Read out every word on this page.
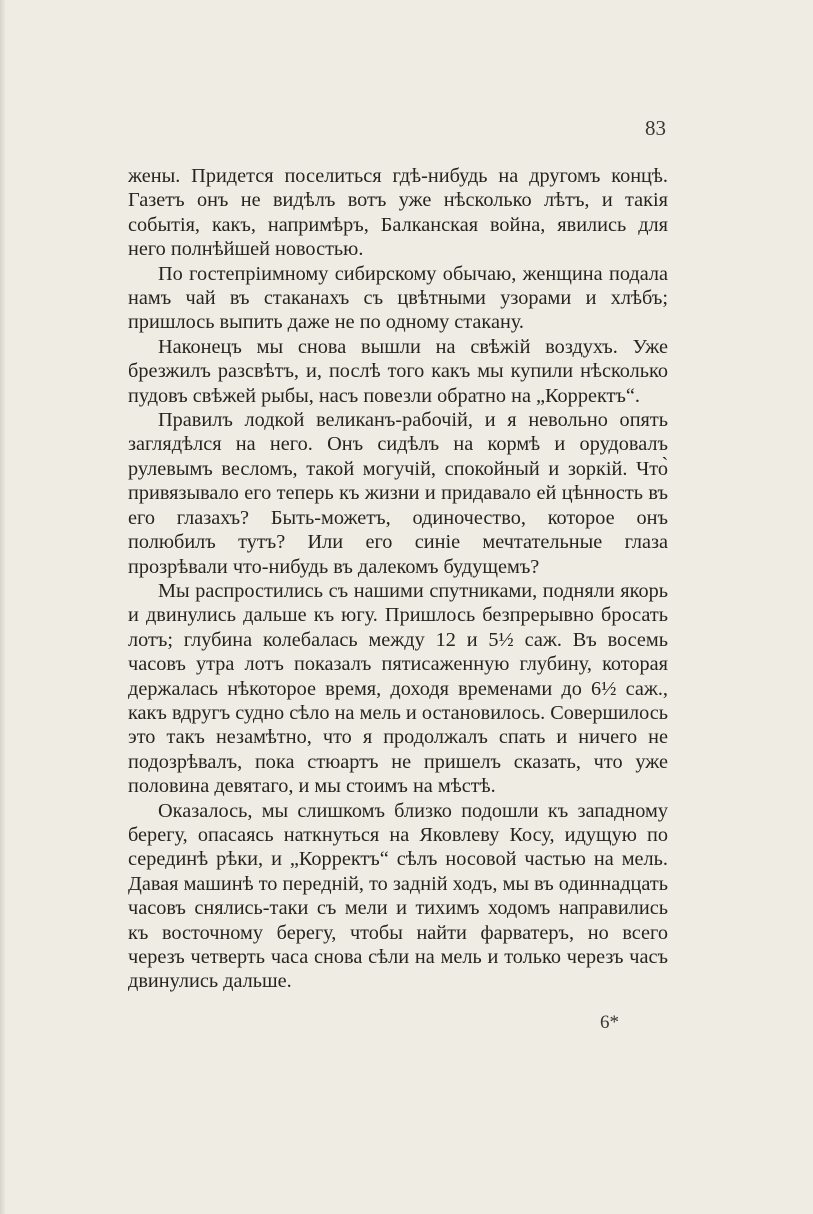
83

жены. Придется поселиться гдѣ-нибудь на другомъ концѣ. Газетъ онъ не видѣлъ вотъ уже нѣсколько лѣтъ, и такія событія, какъ, напримѣръ, Балканская война, явились для него полнѣйшей новостью.

По гостепріимному сибирскому обычаю, женщина подала намъ чай въ стаканахъ съ цвѣтными узорами и хлѣбъ; пришлось выпить даже не по одному стакану.

Наконецъ мы снова вышли на свѣжій воздухъ. Уже брезжилъ разсвѣтъ, и, послѣ того какъ мы купили нѣсколько пудовъ свѣжей рыбы, насъ повезли обратно на „Корректъ“.

Правилъ лодкой великанъ-рабочій, и я невольно опять заглядѣлся на него. Онъ сидѣлъ на кормѣ и орудовалъ рулевымъ весломъ, такой могучій, спокойный и зоркій. Что̀ привязывало его теперь къ жизни и придавало ей цѣнность въ его глазахъ? Быть-можетъ, одиночество, которое онъ полюбилъ тутъ? Или его синіе мечтательные глаза прозрѣвали что-нибудь въ далекомъ будущемъ?

Мы распростились съ нашими спутниками, подняли якорь и двинулись дальше къ югу. Пришлось безпрерывно бросать лотъ; глубина колебалась между 12 и 5½ саж. Въ восемь часовъ утра лотъ показалъ пятисаженную глубину, которая держалась нѣкоторое время, доходя временами до 6½ саж., какъ вдругъ судно сѣло на мель и остановилось. Совершилось это такъ незамѣтно, что я продолжалъ спать и ничего не подозрѣвалъ, пока стюартъ не пришелъ сказать, что уже половина девятаго, и мы стоимъ на мѣстѣ.

Оказалось, мы слишкомъ близко подошли къ западному берегу, опасаясь наткнуться на Яковлеву Косу, идущую по серединѣ рѣки, и „Корректъ“ сѣлъ носовой частью на мель. Давая машинѣ то передній, то задній ходъ, мы въ одиннадцать часовъ снялись-таки съ мели и тихимъ ходомъ направились къ восточному берегу, чтобы найти фарватеръ, но всего черезъ четверть часа снова сѣли на мель и только черезъ часъ двинулись дальше.

6*
